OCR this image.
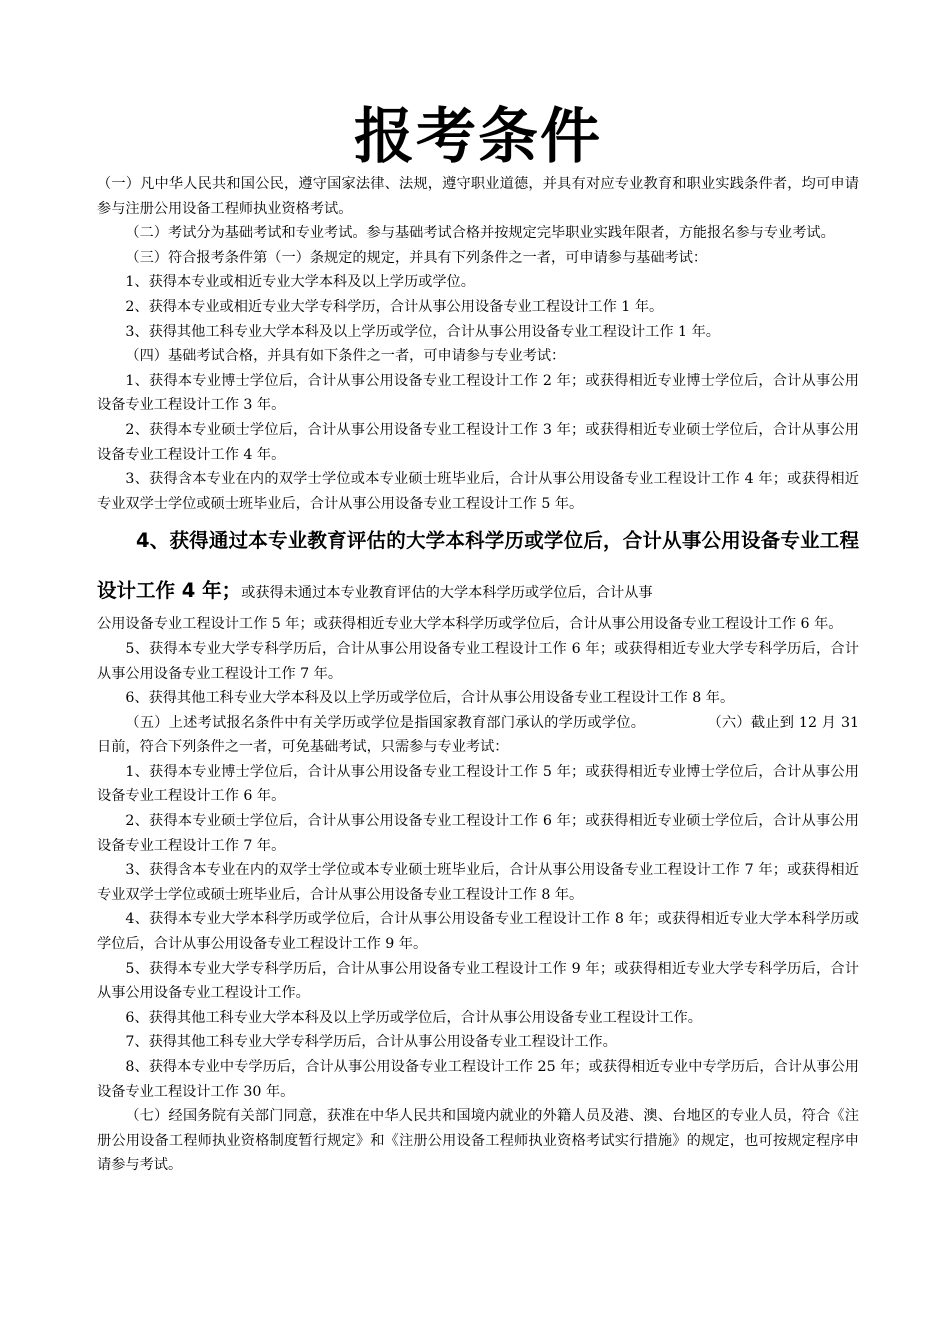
报考条件

（一）凡中华人民共和国公民，遵守国家法律、法规，遵守职业道德，并具有对应专业教育和职业实践条件者，均可申请参与注册公用设备工程师执业资格考试。

（二）考试分为基础考试和专业考试。参与基础考试合格并按规定完毕职业实践年限者，方能报名参与专业考试。

（三）符合报考条件第（一）条规定的规定，并具有下列条件之一者，可申请参与基础考试：

1、获得本专业或相近专业大学本科及以上学历或学位。

2、获得本专业或相近专业大学专科学历，合计从事公用设备专业工程设计工作 1 年。

3、获得其他工科专业大学本科及以上学历或学位，合计从事公用设备专业工程设计工作 1 年。

（四）基础考试合格，并具有如下条件之一者，可申请参与专业考试：

1、获得本专业博士学位后，合计从事公用设备专业工程设计工作 2 年；或获得相近专业博士学位后，合计从事公用设备专业工程设计工作 3 年。

2、获得本专业硕士学位后，合计从事公用设备专业工程设计工作 3 年；或获得相近专业硕士学位后，合计从事公用设备专业工程设计工作 4 年。

3、获得含本专业在内的双学士学位或本专业硕士班毕业后，合计从事公用设备专业工程设计工作 4 年；或获得相近专业双学士学位或硕士班毕业后，合计从事公用设备专业工程设计工作 5 年。

4、获得通过本专业教育评估的大学本科学历或学位后，合计从事公用设备专业工程设计工作 4 年；或获得未通过本专业教育评估的大学本科学历或学位后，合计从事

公用设备专业工程设计工作 5 年；或获得相近专业大学本科学历或学位后，合计从事公用设备专业工程设计工作 6 年。

5、获得本专业大学专科学历后，合计从事公用设备专业工程设计工作 6 年；或获得相近专业大学专科学历后，合计从事公用设备专业工程设计工作 7 年。

6、获得其他工科专业大学本科及以上学历或学位后，合计从事公用设备专业工程设计工作 8 年。

（五）上述考试报名条件中有关学历或学位是指国家教育部门承认的学历或学位。	（六）截止到 12 月 31 日前，符合下列条件之一者，可免基础考试，只需参与专业考试：

1、获得本专业博士学位后，合计从事公用设备专业工程设计工作 5 年；或获得相近专业博士学位后，合计从事公用设备专业工程设计工作 6 年。

2、获得本专业硕士学位后，合计从事公用设备专业工程设计工作 6 年；或获得相近专业硕士学位后，合计从事公用设备专业工程设计工作 7 年。

3、获得含本专业在内的双学士学位或本专业硕士班毕业后，合计从事公用设备专业工程设计工作 7 年；或获得相近专业双学士学位或硕士班毕业后，合计从事公用设备专业工程设计工作 8 年。

4、获得本专业大学本科学历或学位后，合计从事公用设备专业工程设计工作 8 年；或获得相近专业大学本科学历或学位后，合计从事公用设备专业工程设计工作 9 年。

5、获得本专业大学专科学历后，合计从事公用设备专业工程设计工作 9 年；或获得相近专业大学专科学历后，合计从事公用设备专业工程设计工作。

6、获得其他工科专业大学本科及以上学历或学位后，合计从事公用设备专业工程设计工作。

7、获得其他工科专业大学专科学历后，合计从事公用设备专业工程设计工作。

8、获得本专业中专学历后，合计从事公用设备专业工程设计工作 25 年；或获得相近专业中专学历后，合计从事公用设备专业工程设计工作 30 年。

（七）经国务院有关部门同意，获准在中华人民共和国境内就业的外籍人员及港、澳、台地区的专业人员，符合《注册公用设备工程师执业资格制度暂行规定》和《注册公用设备工程师执业资格考试实行措施》的规定，也可按规定程序申请参与考试。
